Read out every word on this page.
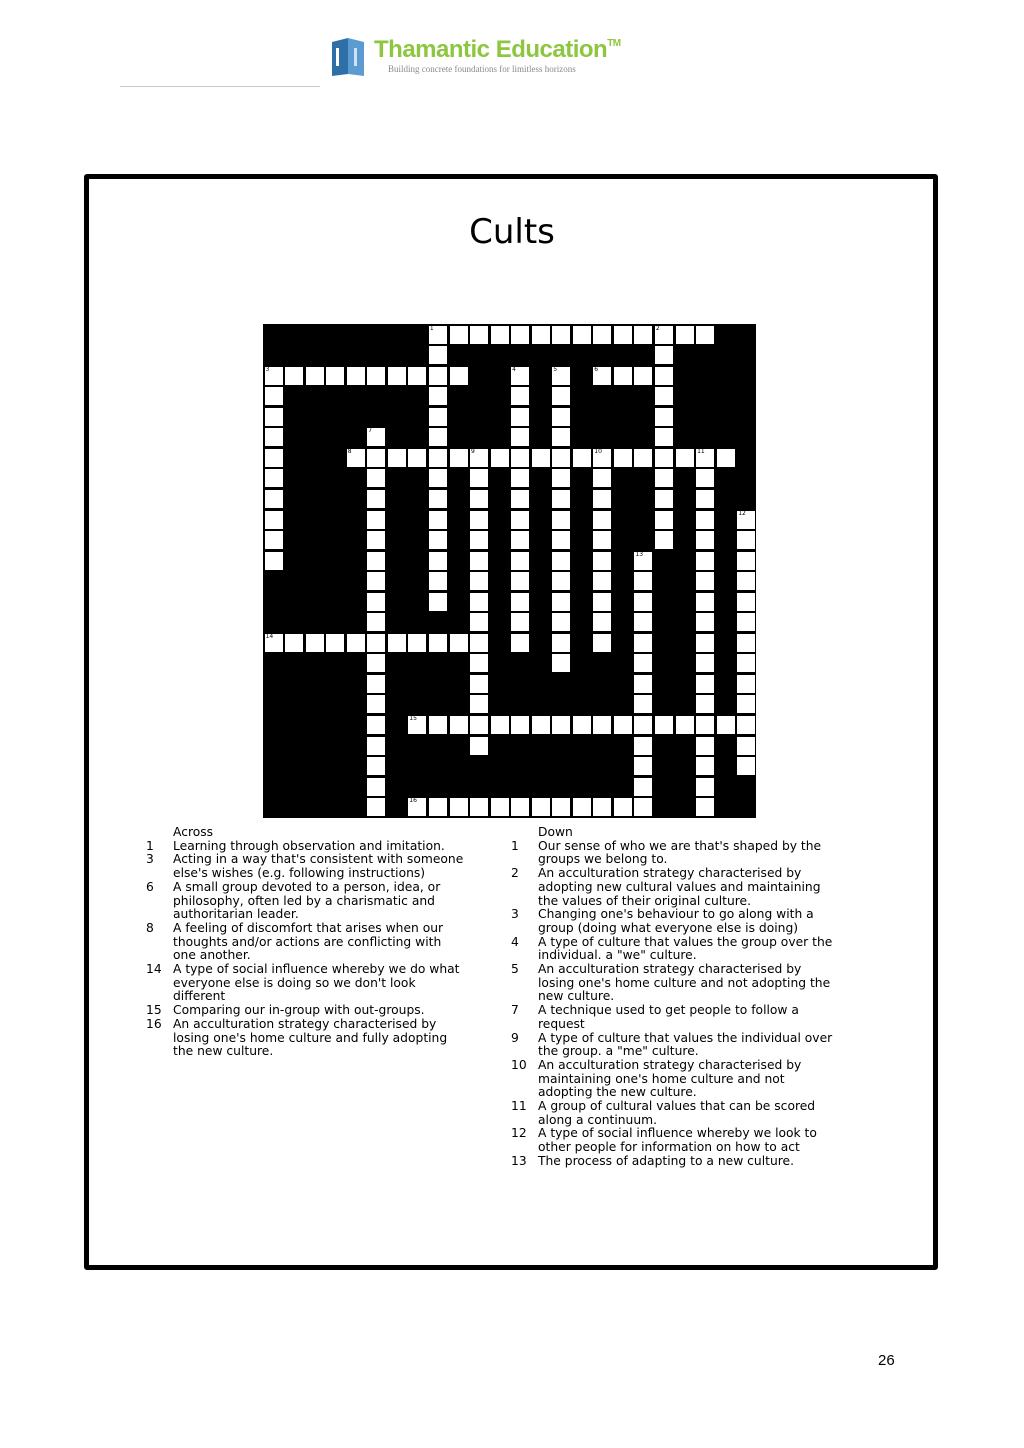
Thamantic Education™
Building concrete foundations for limitless horizons
Cults
1	2
3	4	5	6
7
8	9	10	11
12
13
14
15
16
Across
1	Learning through observation and imitation.
3	Acting in a way that's consistent with someone else's wishes (e.g. following instructions)
6	A small group devoted to a person, idea, or philosophy, often led by a charismatic and authoritarian leader.
8	A feeling of discomfort that arises when our thoughts and/or actions are conflicting with one another.
14 A type of social influence whereby we do what everyone else is doing so we don't look different
15 Comparing our in-group with out-groups.
16 An acculturation strategy characterised by losing one's home culture and fully adopting the new culture.
Down
1	Our sense of who we are that's shaped by the groups we belong to.
2	An acculturation strategy characterised by adopting new cultural values and maintaining the values of their original culture.
3	Changing one's behaviour to go along with a group (doing what everyone else is doing)
4	A type of culture that values the group over the individual. a "we" culture.
5	An acculturation strategy characterised by losing one's home culture and not adopting the new culture.
7	A technique used to get people to follow a request
9	A type of culture that values the individual over the group. a "me" culture.
10 An acculturation strategy characterised by maintaining one's home culture and not adopting the new culture.
11 A group of cultural values that can be scored along a continuum.
12 A type of social influence whereby we look to other people for information on how to act
13 The process of adapting to a new culture.
26
